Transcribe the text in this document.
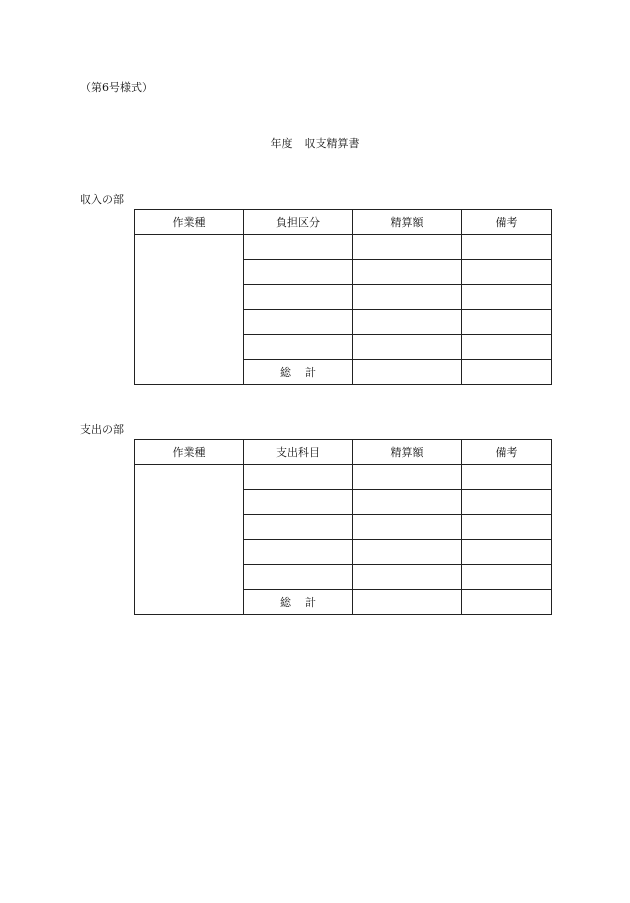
（第6号様式）
年度 収支精算書
収入の部
作業種	負担区分	精算額	備考

	総 計		
支出の部
作業種	支出科目	精算額	備考

	総 計		
